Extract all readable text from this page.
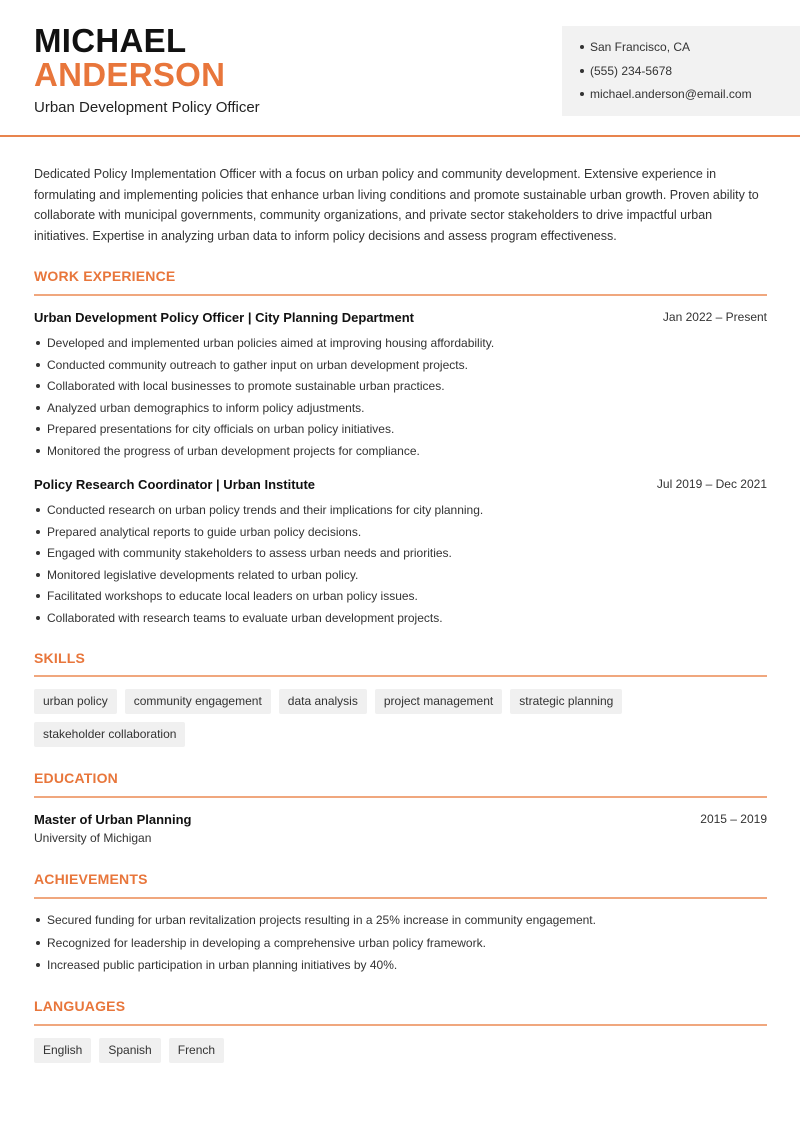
MICHAEL
ANDERSON
Urban Development Policy Officer
San Francisco, CA
(555) 234-5678
michael.anderson@email.com

Dedicated Policy Implementation Officer with a focus on urban policy and community development. Extensive experience in formulating and implementing policies that enhance urban living conditions and promote sustainable urban growth. Proven ability to collaborate with municipal governments, community organizations, and private sector stakeholders to drive impactful urban initiatives. Expertise in analyzing urban data to inform policy decisions and assess program effectiveness.

WORK EXPERIENCE
Urban Development Policy Officer | City Planning Department	Jan 2022 – Present
Developed and implemented urban policies aimed at improving housing affordability.
Conducted community outreach to gather input on urban development projects.
Collaborated with local businesses to promote sustainable urban practices.
Analyzed urban demographics to inform policy adjustments.
Prepared presentations for city officials on urban policy initiatives.
Monitored the progress of urban development projects for compliance.
Policy Research Coordinator | Urban Institute	Jul 2019 – Dec 2021
Conducted research on urban policy trends and their implications for city planning.
Prepared analytical reports to guide urban policy decisions.
Engaged with community stakeholders to assess urban needs and priorities.
Monitored legislative developments related to urban policy.
Facilitated workshops to educate local leaders on urban policy issues.
Collaborated with research teams to evaluate urban development projects.
SKILLS
urban policy	community engagement	data analysis	project management	strategic planning
stakeholder collaboration
EDUCATION
Master of Urban Planning
University of Michigan
2015 – 2019
ACHIEVEMENTS
Secured funding for urban revitalization projects resulting in a 25% increase in community engagement.
Recognized for leadership in developing a comprehensive urban policy framework.
Increased public participation in urban planning initiatives by 40%.
LANGUAGES
English	Spanish	French
